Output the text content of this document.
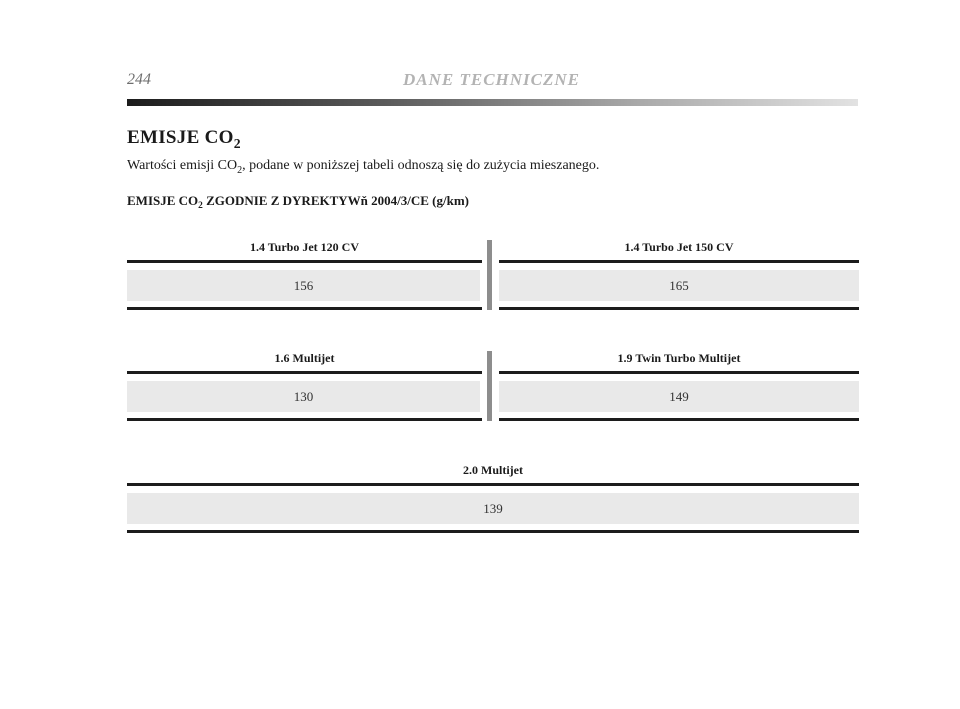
244	DANE TECHNICZNE
EMISJE $CO_2$
Wartości emisji $CO_2$, podane w poniższej tabeli odnoszą się do zużycia mieszanego.
EMISJE $CO_2$ ZGODNIE Z DYREKTYWň 2004/3/CE (g/km)
1.4 Turbo Jet 120 CV	1.4 Turbo Jet 150 CV
156	165
1.6 Multijet	1.9 Twin Turbo Multijet
130	149
2.0 Multijet
139
